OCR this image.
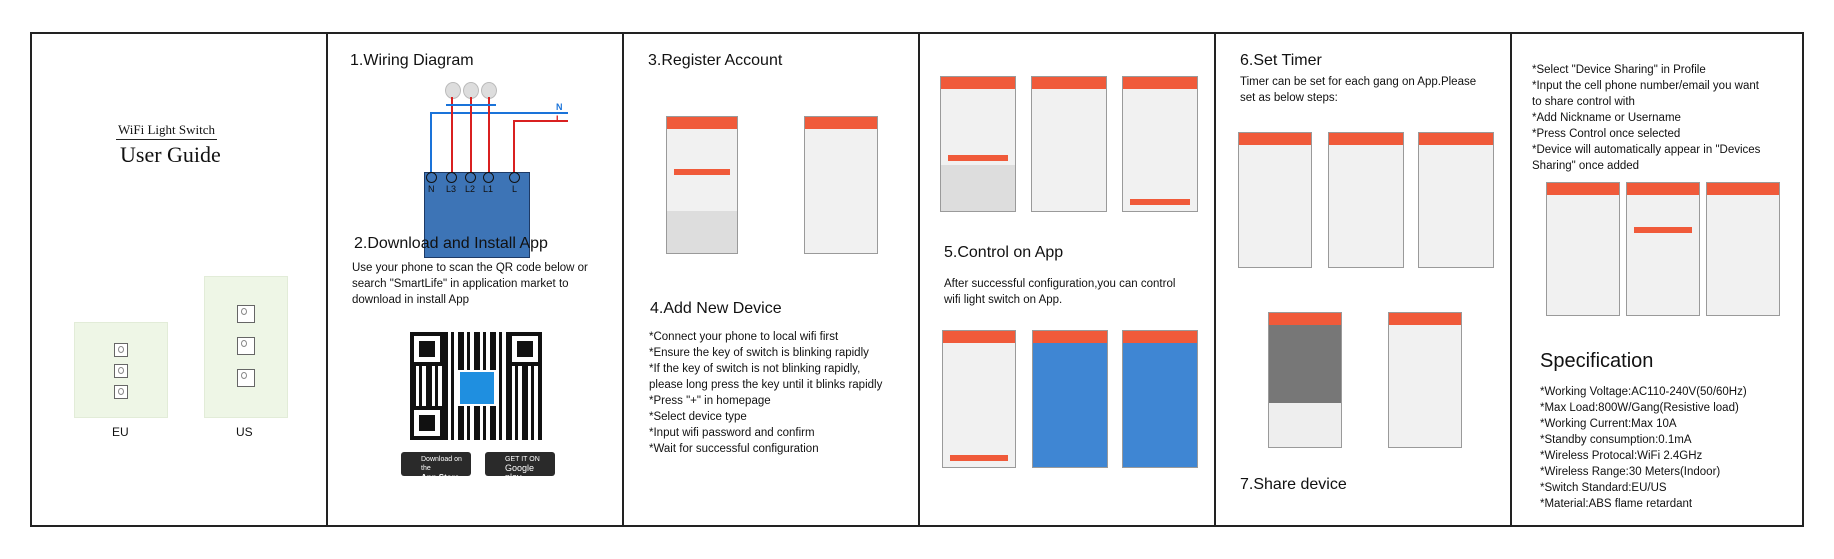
WiFi Light Switch
User Guide
EU	US
1.Wiring Diagram
N
L
N L3 L2 L1 L
2.Download and Install App
Use your phone to scan the QR code below or
search "SmartLife" in application market to
download in install App
Download on the
App Store
GET IT ON
Google play
3.Register Account
4.Add New Device
*Connect your phone to local wifi first
*Ensure the key of switch is blinking rapidly
*If the key of switch is not blinking rapidly,
please long press the key until it blinks rapidly
*Press "+" in homepage
*Select device type
*Input wifi password and confirm
*Wait for successful configuration
5.Control on App
After successful configuration,you can control
wifi light switch on App.
6.Set Timer
Timer can be set for each gang on App.Please
set as below steps:
7.Share device
*Select "Device Sharing" in Profile
*Input the cell phone number/email you want
to share control with
*Add Nickname or Username
*Press Control once selected
*Device will automatically appear in "Devices
Sharing" once added
Specification
*Working Voltage:AC110-240V(50/60Hz)
*Max Load:800W/Gang(Resistive load)
*Working Current:Max 10A
*Standby consumption:0.1mA
*Wireless Protocal:WiFi 2.4GHz
*Wireless Range:30 Meters(Indoor)
*Switch Standard:EU/US
*Material:ABS flame retardant
